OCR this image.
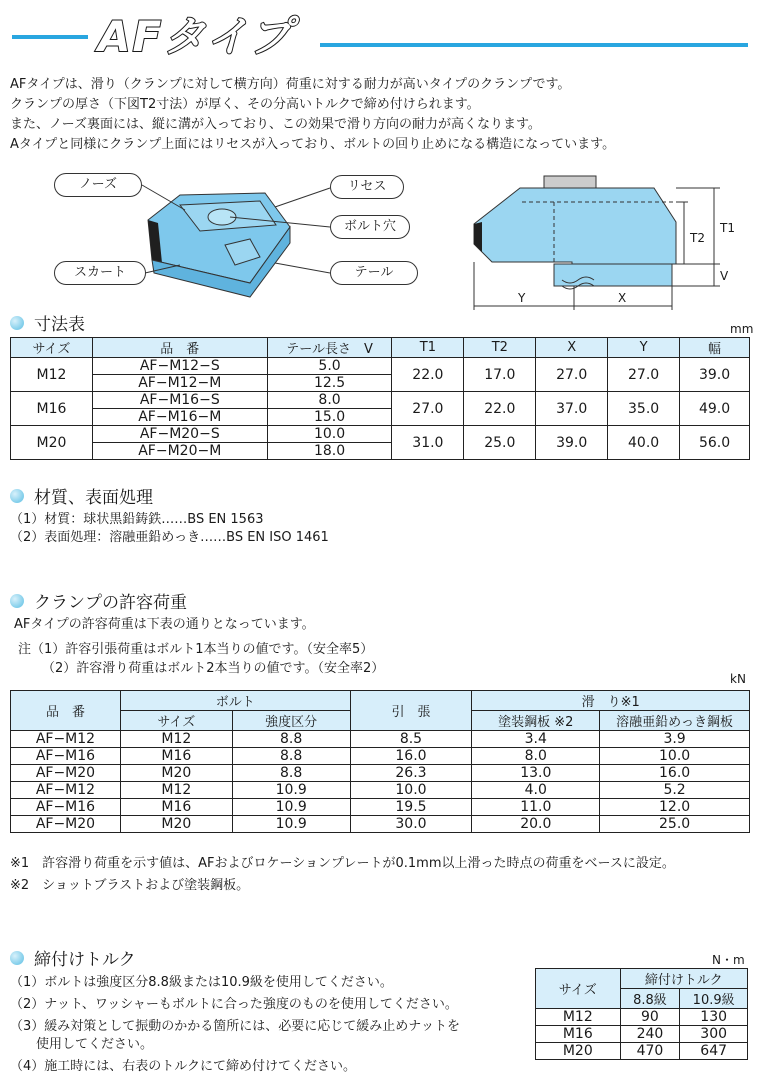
AFタイプ
AFタイプは、滑り（クランプに対して横方向）荷重に対する耐力が高いタイプのクランプです。
クランプの厚さ（下図T2寸法）が厚く、その分高いトルクで締め付けられます。
また、ノーズ裏面には、縦に溝が入っており、この効果で滑り方向の耐力が高くなります。
Aタイプと同様にクランプ上面にはリセスが入っており、ボルトの回り止めになる構造になっています。
ノーズ	リセス
ボルト穴
スカート	テール
T1
T2
V
Y	X
寸法表	mm
サイズ	品　番	テール長さ　V	T1	T2	X	Y	幅
M12	AF−M12−S	5.0	22.0	17.0	27.0	27.0	39.0
	AF−M12−M	12.5					
M16	AF−M16−S	8.0	27.0	22.0	37.0	35.0	49.0
	AF−M16−M	15.0					
M20	AF−M20−S	10.0	31.0	25.0	39.0	40.0	56.0
	AF−M20−M	18.0					
材質、表面処理
（1）材質：球状黒鉛鋳鉄……BS EN 1563
（2）表面処理：溶融亜鉛めっき……BS EN ISO 1461
クランプの許容荷重
AFタイプの許容荷重は下表の通りとなっています。
注（1）許容引張荷重はボルト1本当りの値です。（安全率5）
（2）許容滑り荷重はボルト2本当りの値です。（安全率2）
kN
品　番	ボルト		引　張	滑　り※1	
	サイズ	強度区分		塗装鋼板 ※2	溶融亜鉛めっき鋼板
AF−M12	M12	8.8	8.5	3.4	3.9
AF−M16	M16	8.8	16.0	8.0	10.0
AF−M20	M20	8.8	26.3	13.0	16.0
AF−M12	M12	10.9	10.0	4.0	5.2
AF−M16	M16	10.9	19.5	11.0	12.0
AF−M20	M20	10.9	30.0	20.0	25.0
※1　許容滑り荷重を示す値は、AFおよびロケーションプレートが0.1mm以上滑った時点の荷重をベースに設定。
※2　ショットブラストおよび塗装鋼板。
締付けトルク
（1）ボルトは強度区分8.8級または10.9級を使用してください。
（2）ナット、ワッシャーもボルトに合った強度のものを使用してください。
（3）緩み対策として振動のかかる箇所には、必要に応じて緩み止めナットを
　　使用してください。
（4）施工時には、右表のトルクにて締め付けてください。
N・m
サイズ	締付けトルク	
	8.8級	10.9級
M12	90	130
M16	240	300
M20	470	647
